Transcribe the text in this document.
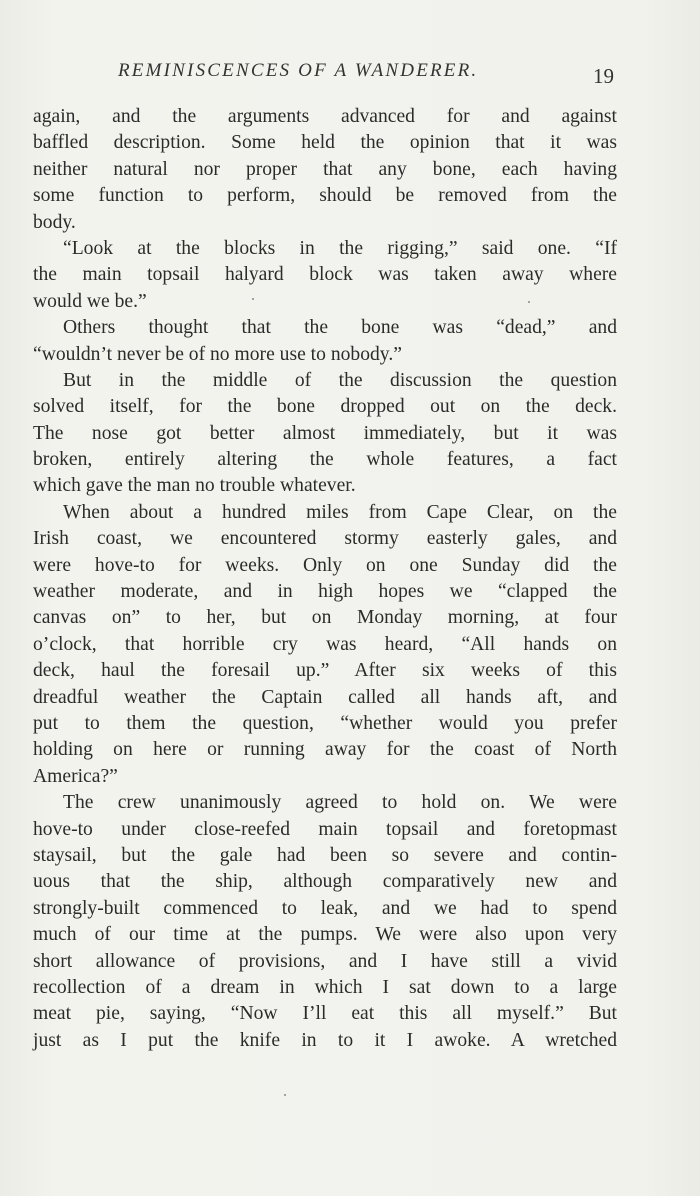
REMINISCENCES OF A WANDERER.	19
again, and the arguments advanced for and against
baffled description. Some held the opinion that it was
neither natural nor proper that any bone, each having
some function to perform, should be removed from the
body.
“Look at the blocks in the rigging,” said one. “If
the main topsail halyard block was taken away where
would we be.”
Others thought that the bone was “dead,” and
“wouldn’t never be of no more use to nobody.”
But in the middle of the discussion the question
solved itself, for the bone dropped out on the deck.
The nose got better almost immediately, but it was
broken, entirely altering the whole features, a fact
which gave the man no trouble whatever.
When about a hundred miles from Cape Clear, on the
Irish coast, we encountered stormy easterly gales, and
were hove-to for weeks. Only on one Sunday did the
weather moderate, and in high hopes we “clapped the
canvas on” to her, but on Monday morning, at four
o’clock, that horrible cry was heard, “All hands on
deck, haul the foresail up.” After six weeks of this
dreadful weather the Captain called all hands aft, and
put to them the question, “whether would you prefer
holding on here or running away for the coast of North
America?”
The crew unanimously agreed to hold on. We were
hove-to under close-reefed main topsail and foretopmast
staysail, but the gale had been so severe and contin-
uous that the ship, although comparatively new and
strongly-built commenced to leak, and we had to spend
much of our time at the pumps. We were also upon very
short allowance of provisions, and I have still a vivid
recollection of a dream in which I sat down to a large
meat pie, saying, “Now I’ll eat this all myself.” But
just as I put the knife in to it I awoke. A wretched
